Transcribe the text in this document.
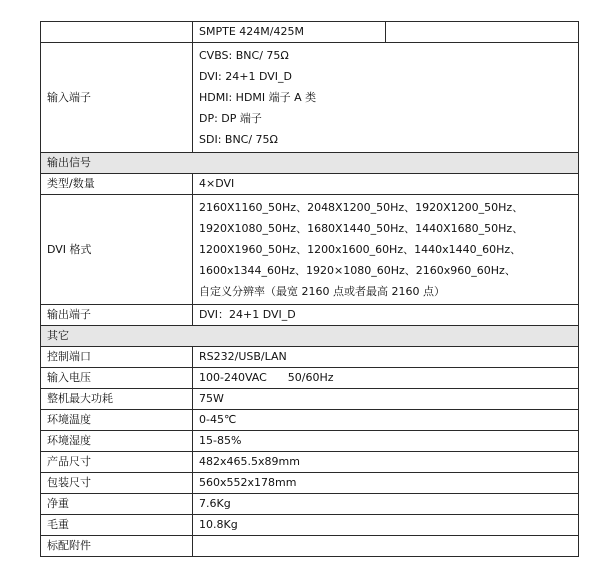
	SMPTE 424M/425M	
输入端子	CVBS: BNC/ 75Ω
DVI: 24+1 DVI_D
HDMI: HDMI 端子 A 类
DP: DP 端子
SDI: BNC/ 75Ω	

输出信号		
类型/数量	4×DVI	
DVI 格式	2160X1160_50Hz、2048X1200_50Hz、1920X1200_50Hz、
1920X1080_50Hz、1680X1440_50Hz、1440X1680_50Hz、
1200X1960_50Hz、1200x1600_60Hz、1440x1440_60Hz、
1600x1344_60Hz、1920×1080_60Hz、2160x960_60Hz、
自定义分辨率（最宽 2160 点或者最高 2160 点）	

输出端子	DVI：24+1 DVI_D	
其它		
控制端口	RS232/USB/LAN	
输入电压	100-240VAC      50/60Hz	
整机最大功耗	75W	
环境温度	0-45℃	
环境湿度	15-85%	
产品尺寸	482x465.5x89mm	
包装尺寸	560x552x178mm	
净重	7.6Kg	
毛重	10.8Kg	
标配附件		
